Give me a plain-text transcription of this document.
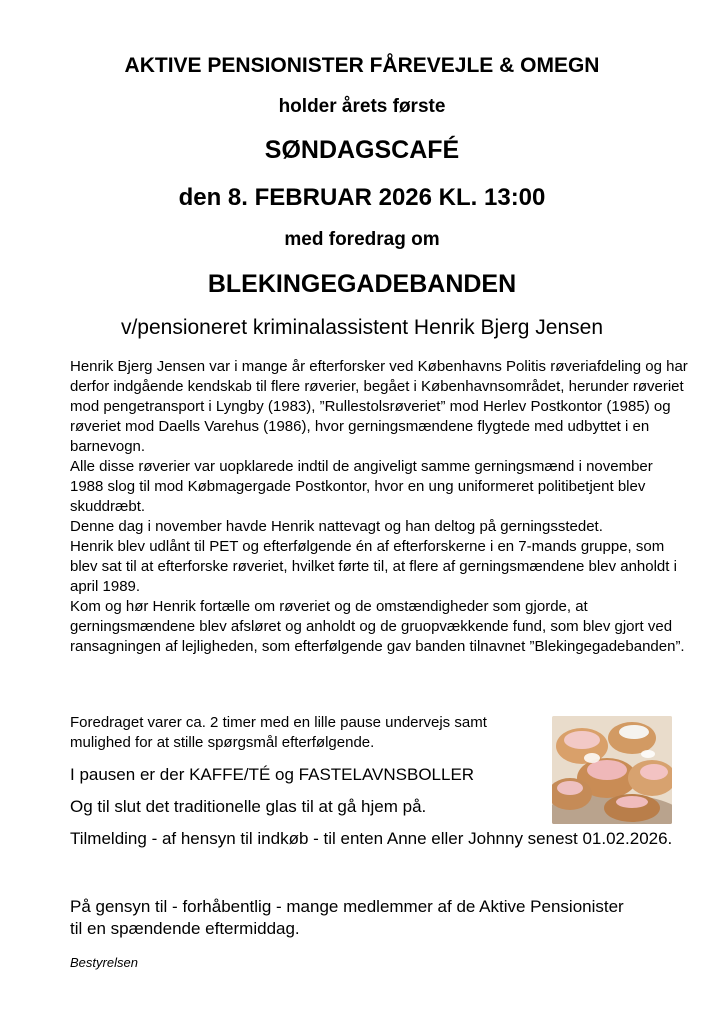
AKTIVE PENSIONISTER FÅREVEJLE & OMEGN
holder årets første
SØNDAGSCAFÉ
den 8. FEBRUAR 2026 KL. 13:00
med foredrag om
BLEKINGEGADEBANDEN
v/pensioneret kriminalassistent Henrik Bjerg Jensen

Henrik Bjerg Jensen var i mange år efterforsker ved Københavns Politis røveriafdeling og har derfor indgående kendskab til flere røverier, begået i Københavnsområdet, herunder røveriet mod pengetransport i Lyngby (1983), ”Rullestolsrøveriet” mod Herlev Postkontor (1985) og røveriet mod Daells Varehus (1986), hvor gerningsmændene flygtede med udbyttet i en barnevogn.

Alle disse røverier var uopklarede indtil de angiveligt samme gerningsmænd i november 1988 slog til mod Købmagergade Postkontor, hvor en ung uniformeret politibetjent blev skuddræbt.

Denne dag i november havde Henrik nattevagt og han deltog på gerningsstedet.

Henrik blev udlånt til PET og efterfølgende én af efterforskerne i en 7-mands gruppe, som blev sat til at efterforske røveriet, hvilket førte til, at flere af gerningsmændene blev anholdt i april 1989.

Kom og hør Henrik fortælle om røveriet og de omstændigheder som gjorde, at gerningsmændene blev afsløret og anholdt og de gruopvækkende fund, som blev gjort ved ransagningen af lejligheden, som efterfølgende gav banden tilnavnet ”Blekingegadebanden”.

Foredraget varer ca. 2 timer med en lille pause undervejs samt mulighed for at stille spørgsmål efterfølgende.

I pausen er der KAFFE/TÉ og FASTELAVNSBOLLER

Og til slut det traditionelle glas til at gå hjem på.

Tilmelding - af hensyn til indkøb - til enten Anne eller Johnny senest 01.02.2026.

På gensyn til - forhåbentlig - mange medlemmer af de Aktive Pensionister til en spændende eftermiddag.

Bestyrelsen
